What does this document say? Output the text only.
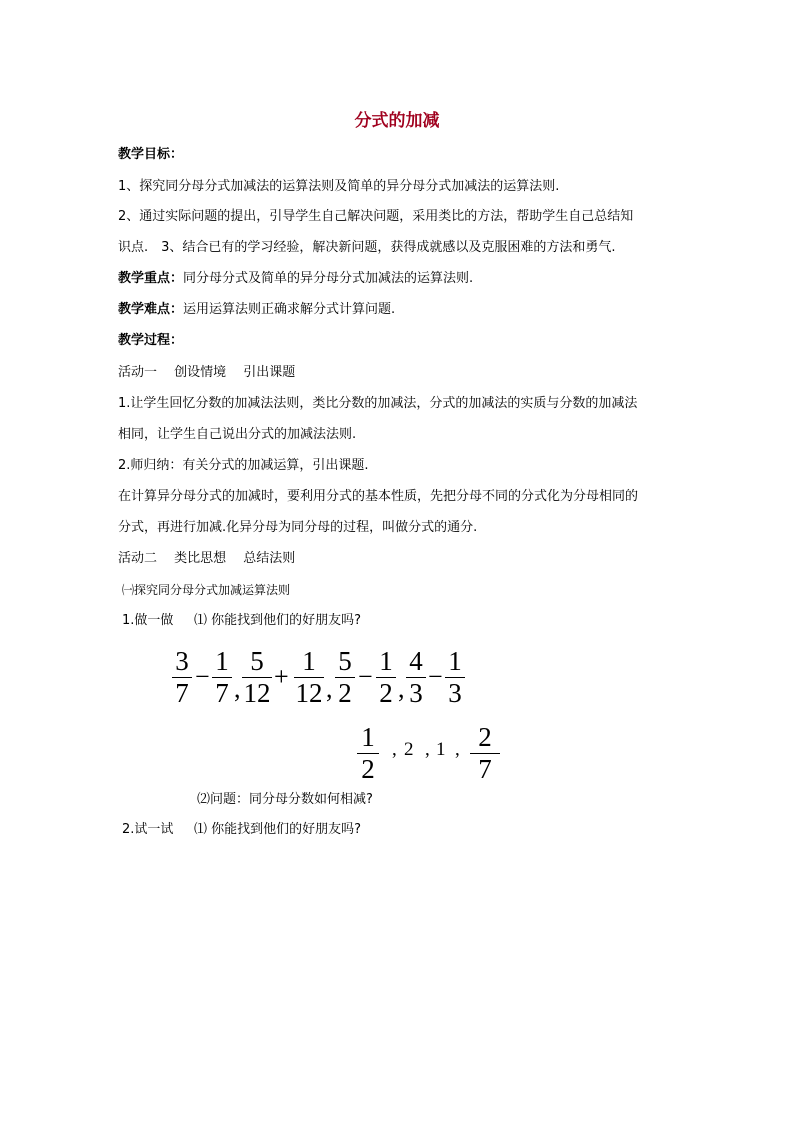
分式的加减
教学目标：
1、探究同分母分式加减法的运算法则及简单的异分母分式加减法的运算法则.
2、通过实际问题的提出，引导学生自己解决问题，采用类比的方法，帮助学生自己总结知
识点.　3、结合已有的学习经验，解决新问题，获得成就感以及克服困难的方法和勇气.
教学重点：同分母分式及简单的异分母分式加减法的运算法则.
教学难点：运用运算法则正确求解分式计算问题.
教学过程：
活动一　 创设情境　 引出课题
1.让学生回忆分数的加减法法则，类比分数的加减法，分式的加减法的实质与分数的加减法
相同，让学生自己说出分式的加减法法则.
2.师归纳：有关分式的加减运算，引出课题.
在计算异分母分式的加减时，要利用分式的基本性质，先把分母不同的分式化为分母相同的
分式，再进行加减.化异分母为同分母的过程，叫做分式的通分.
活动二　 类比思想　 总结法则
㈠探究同分母分式加减运算法则
1.做一做 ⑴ 你能找到他们的好朋友吗?
3
7
−
1
7 ,
5
12
+
1
12 ,
5
2
−
1
2 ,
4
3
−
1
3
1
2
, 2 , 1 , 2
7
⑵问题：同分母分数如何相减?
2.试一试 ⑴ 你能找到他们的好朋友吗?
